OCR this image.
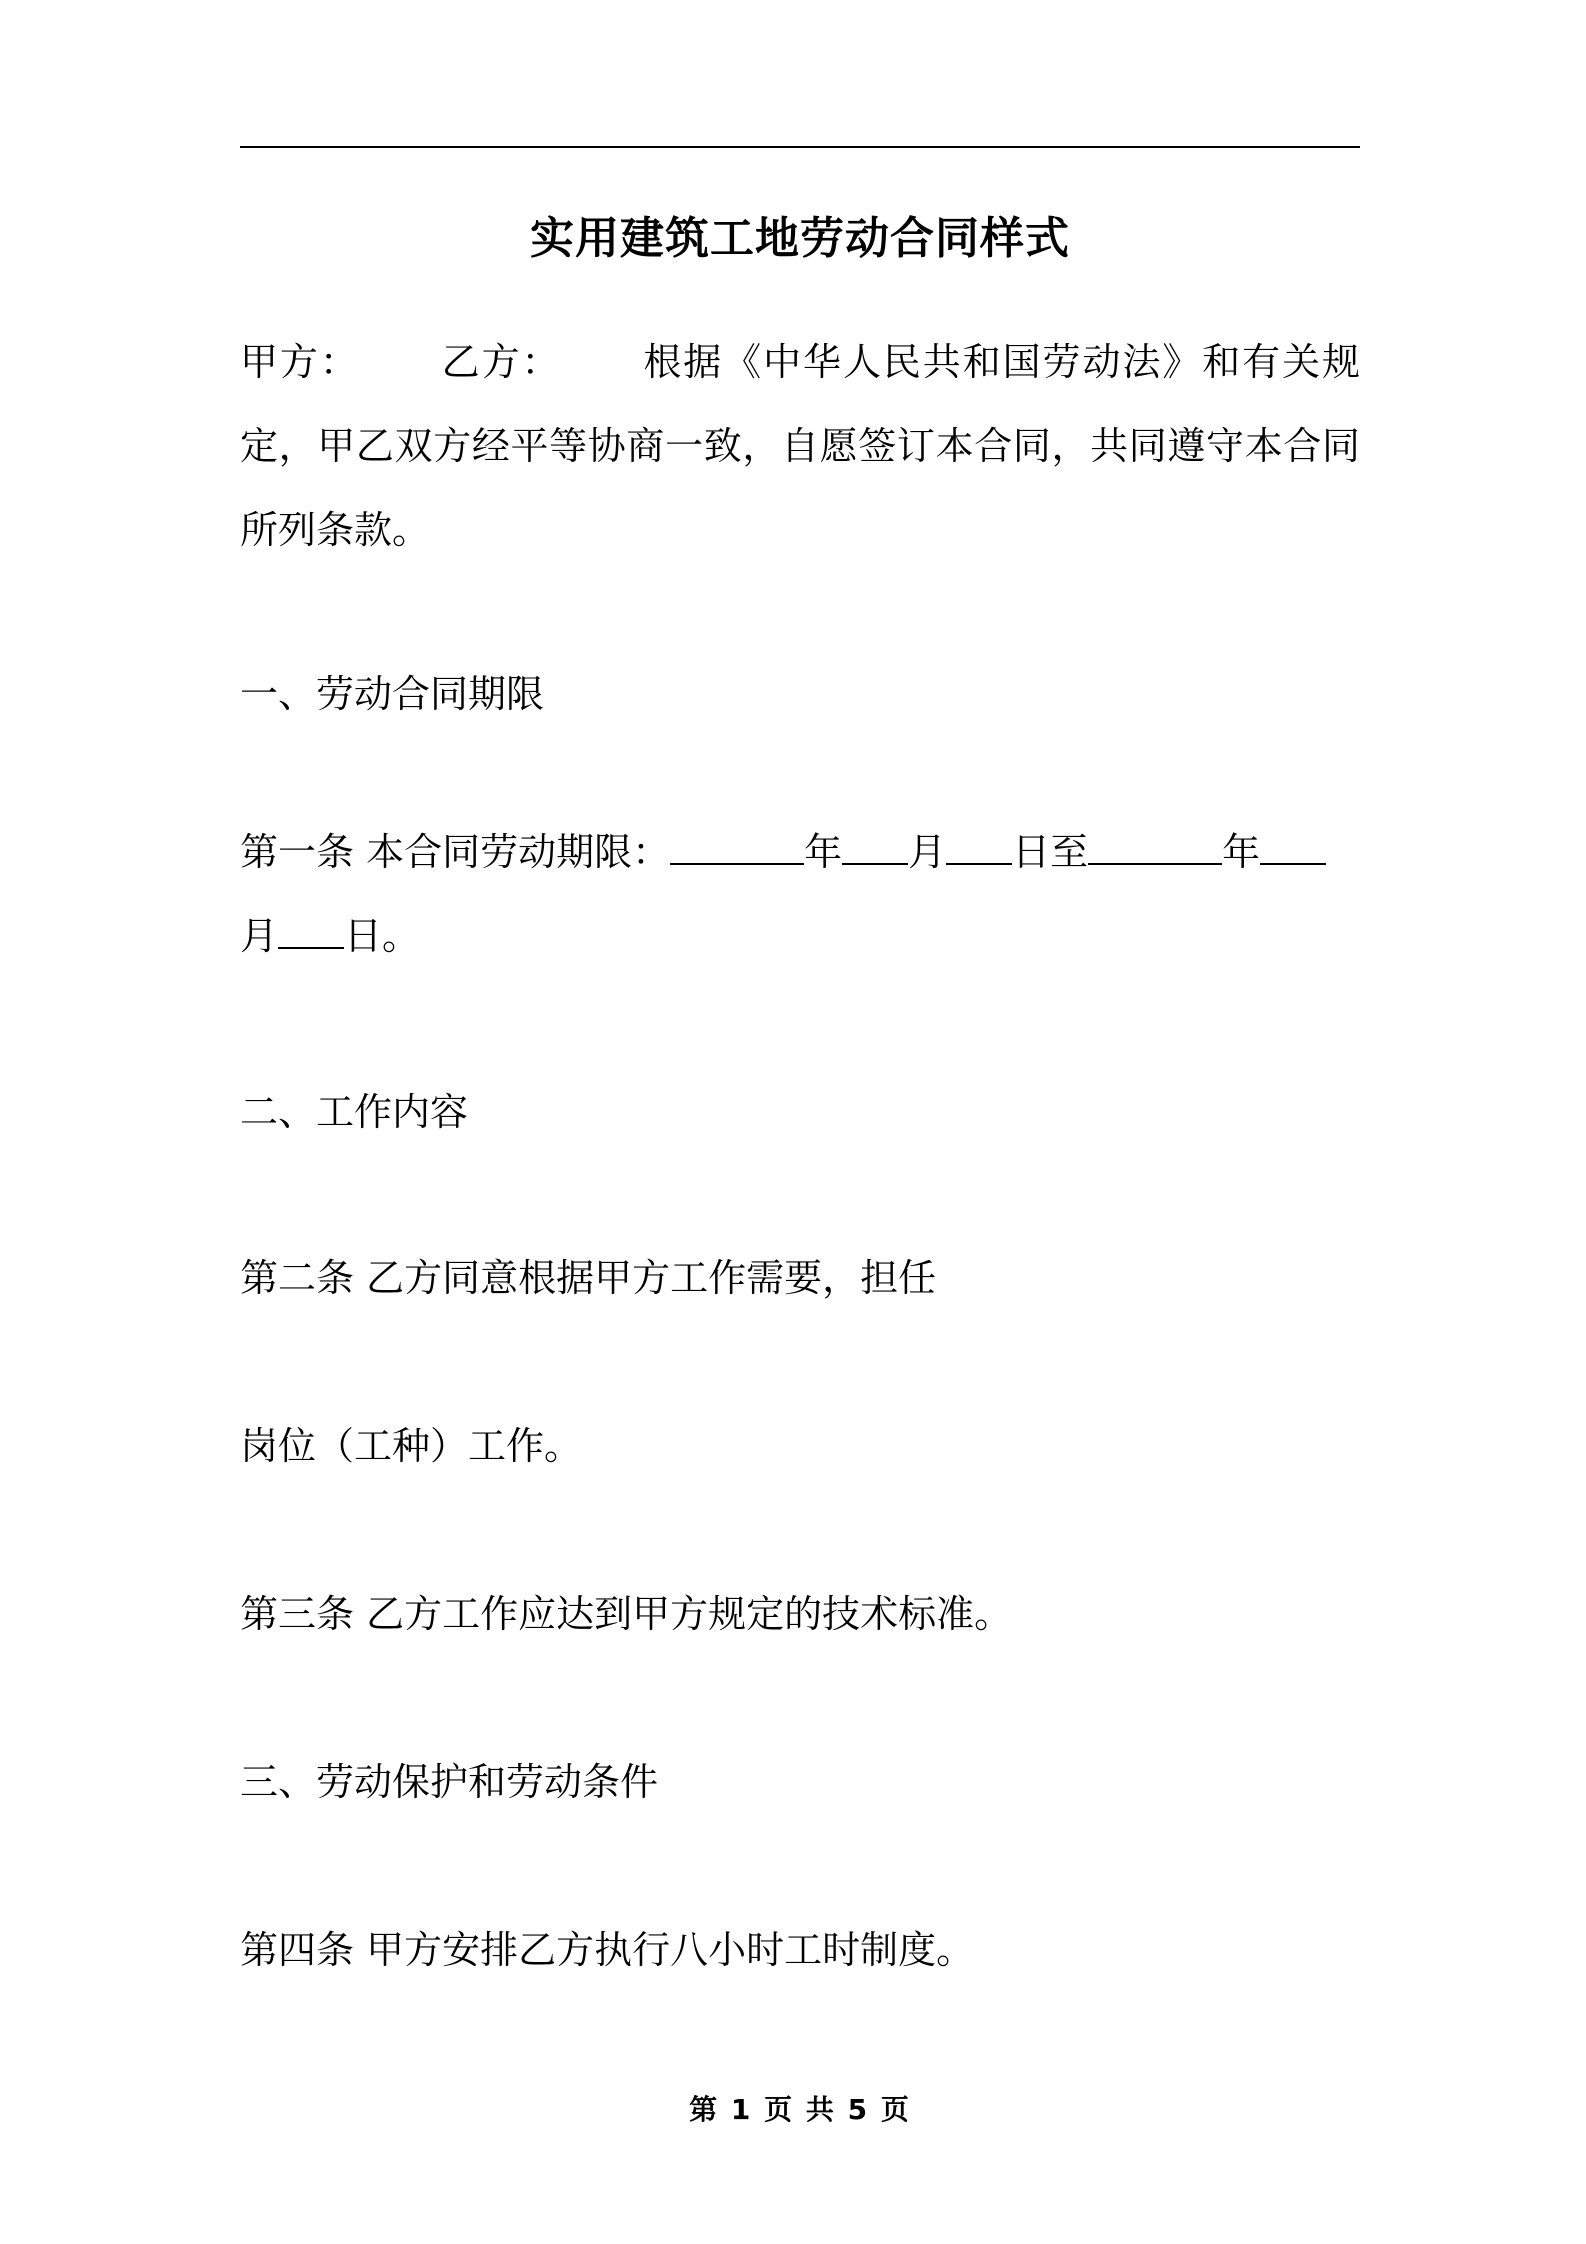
实用建筑工地劳动合同样式

甲方： 乙方： 根据《中华人民共和国劳动法》和有关规定，甲乙双方经平等协商一致，自愿签订本合同，共同遵守本合同所列条款。

一、劳动合同期限

第一条 本合同劳动期限：	年 月 日至	年
月 日。

二、工作内容

第二条 乙方同意根据甲方工作需要，担任

岗位（工种）工作。

第三条 乙方工作应达到甲方规定的技术标准。

三、劳动保护和劳动条件

第四条 甲方安排乙方执行八小时工时制度。

第 1 页 共 5 页
